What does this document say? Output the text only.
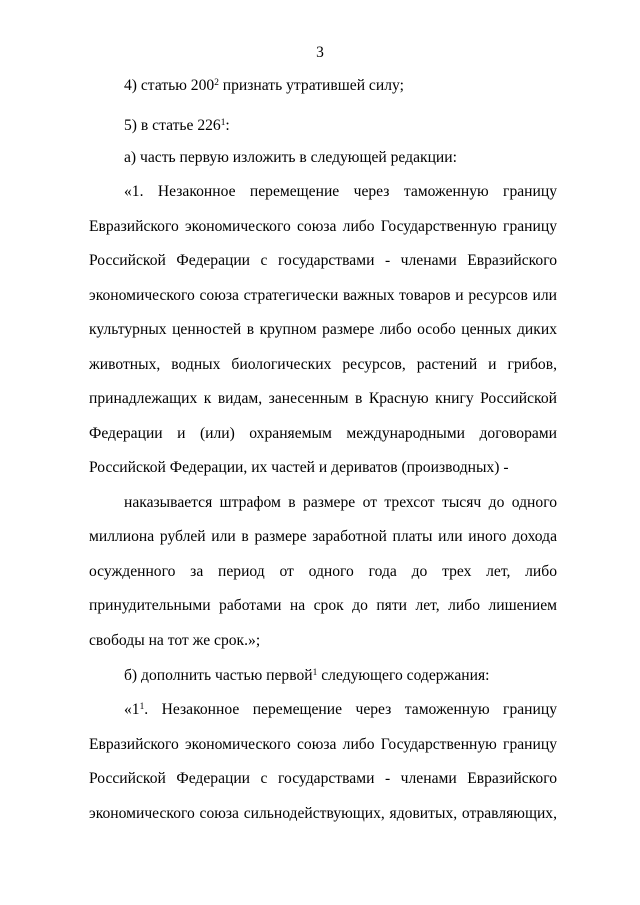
3
4) статью $200^2$ признать утратившей силу;
5) в статье $226^1$:
а) часть первую изложить в следующей редакции:
«1. Незаконное перемещение через таможенную границу
Евразийского экономического союза либо Государственную границу
Российской Федерации с государствами - членами Евразийского
экономического союза стратегически важных товаров и ресурсов или
культурных ценностей в крупном размере либо особо ценных диких
животных, водных биологических ресурсов, растений и грибов,
принадлежащих к видам, занесенным в Красную книгу Российской
Федерации и (или) охраняемым международными договорами
Российской Федерации, их частей и дериватов (производных) -
наказывается штрафом в размере от трехсот тысяч до одного
миллиона рублей или в размере заработной платы или иного дохода
осужденного за период от одного года до трех лет, либо
принудительными работами на срок до пяти лет, либо лишением
свободы на тот же срок.»;
б) дополнить частью первой$^1$ следующего содержания:
«$1^1$. Незаконное перемещение через таможенную границу
Евразийского экономического союза либо Государственную границу
Российской Федерации с государствами - членами Евразийского
экономического союза сильнодействующих, ядовитых, отравляющих,
